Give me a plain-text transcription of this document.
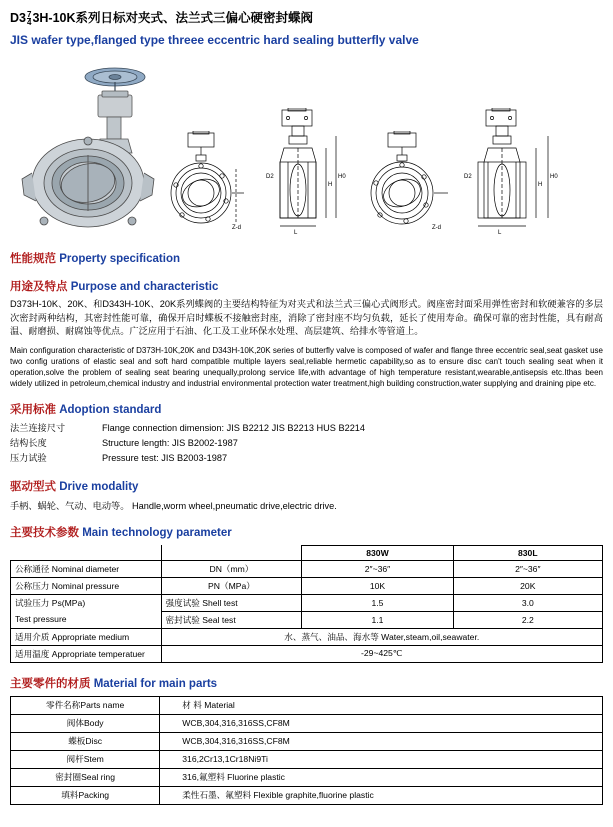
$D3 \frac{7}{4} 3H-10K$系列日标对夹式、法兰式三偏心硬密封蝶阀
JIS wafer type,flanged type threee eccentric hard sealing butterfly valve
Z-d
H
H0
L
D2
Z-d
H
H0
L
D2
性能规范 Property specification
用途及特点 Purpose and characteristic
D373H-10K、20K、和D343H-10K、20K系列蝶阀的主要结构特征为对夹式和法兰式三偏心式阀形式。阀座密封面采用弹性密封和软硬兼容的多层次密封两种结构，其密封性能可靠，确保开启时蝶板不接触密封座，消除了密封座不均匀负载，延长了使用寿命。确保可靠的密封性能，具有耐高温、耐磨损、耐腐蚀等优点。广泛应用于石油、化工及工业环保水处理、高层建筑、给排水等管道上。
Main configuration characteristic of D373H-10K,20K and D343H-10K,20K series of butterfly valve is composed of wafer and flange three eccentric seal,seat gasket use two config urations of elastic seal and soft hard compatible multiple layers seal,reliable hermetic capability,so as to ensure disc can't touch sealing seat when it operation,solve the problem of sealing seat bearing unequally,prolong service life,with advantage of high temperature resistant,wearable,antisepsis etc.Ithas been widely utilized in petroleum,chemical industry and industrial environmental protection water treatment,high building construction,water supplying and draining pipe etc.
采用标准 Adoption standard
法兰连接尺寸	Flange connection dimension: JIS B2212 JIS B2213 HUS B2214
结构长度	Structure length: JIS B2002-1987
压力试验	Pressure test: JIS B2003-1987
驱动型式 Drive modality
手柄、蜗轮、气动、电动等。 Handle,worm wheel,pneumatic drive,electric drive.
主要技术参数 Main technology parameter
		830W	830L
公称通径 Nominal diameter	DN（mm）	2″~36″	2″~36″
公称压力 Nominal pressure	PN（MPa）	10K	20K
试验压力 Ps(MPa)	强度试验 Shell test	1.5	3.0
Test pressure	密封试验 Seal test	1.1	2.2
适用介质 Appropriate medium	水、蒸气、油品、海水等 Water,steam,oil,seawater.		
适用温度 Appropriate temperatuer	-29~425℃		
主要零件的材质 Material for main parts
零件名称Parts name	材 料 Material
阀体Body	WCB,304,316,316SS,CF8M
蝶板Disc	WCB,304,316,316SS,CF8M
阀杆Stem	316,2Cr13,1Cr18Ni9Ti
密封圈Seal ring	316,氟塑料 Fluorine plastic
填料Packing	柔性石墨、氟塑料 Flexible graphite,fluorine plastic
